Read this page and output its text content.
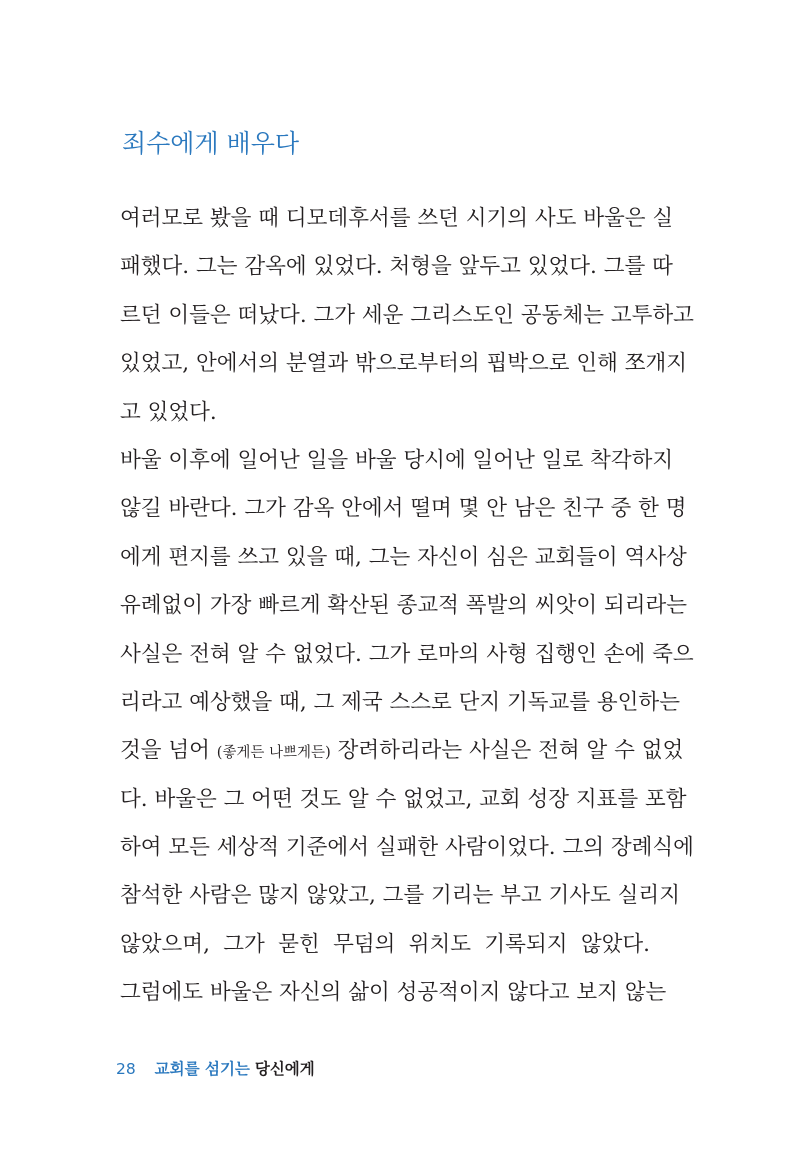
죄수에게 배우다
여러모로 봤을 때 디모데후서를 쓰던 시기의 사도 바울은 실
패했다. 그는 감옥에 있었다. 처형을 앞두고 있었다. 그를 따
르던 이들은 떠났다. 그가 세운 그리스도인 공동체는 고투하고
있었고, 안에서의 분열과 밖으로부터의 핍박으로 인해 쪼개지
고 있었다.
바울 이후에 일어난 일을 바울 당시에 일어난 일로 착각하지
않길 바란다. 그가 감옥 안에서 떨며 몇 안 남은 친구 중 한 명
에게 편지를 쓰고 있을 때, 그는 자신이 심은 교회들이 역사상
유례없이 가장 빠르게 확산된 종교적 폭발의 씨앗이 되리라는
사실은 전혀 알 수 없었다. 그가 로마의 사형 집행인 손에 죽으
리라고 예상했을 때, 그 제국 스스로 단지 기독교를 용인하는
것을 넘어 (좋게든 나쁘게든) 장려하리라는 사실은 전혀 알 수 없었
다. 바울은 그 어떤 것도 알 수 없었고, 교회 성장 지표를 포함
하여 모든 세상적 기준에서 실패한 사람이었다. 그의 장례식에
참석한 사람은 많지 않았고, 그를 기리는 부고 기사도 실리지
않았으며, 그가 묻힌 무덤의 위치도 기록되지 않았다.
그럼에도 바울은 자신의 삶이 성공적이지 않다고 보지 않는
28 교회를 섬기는 당신에게
